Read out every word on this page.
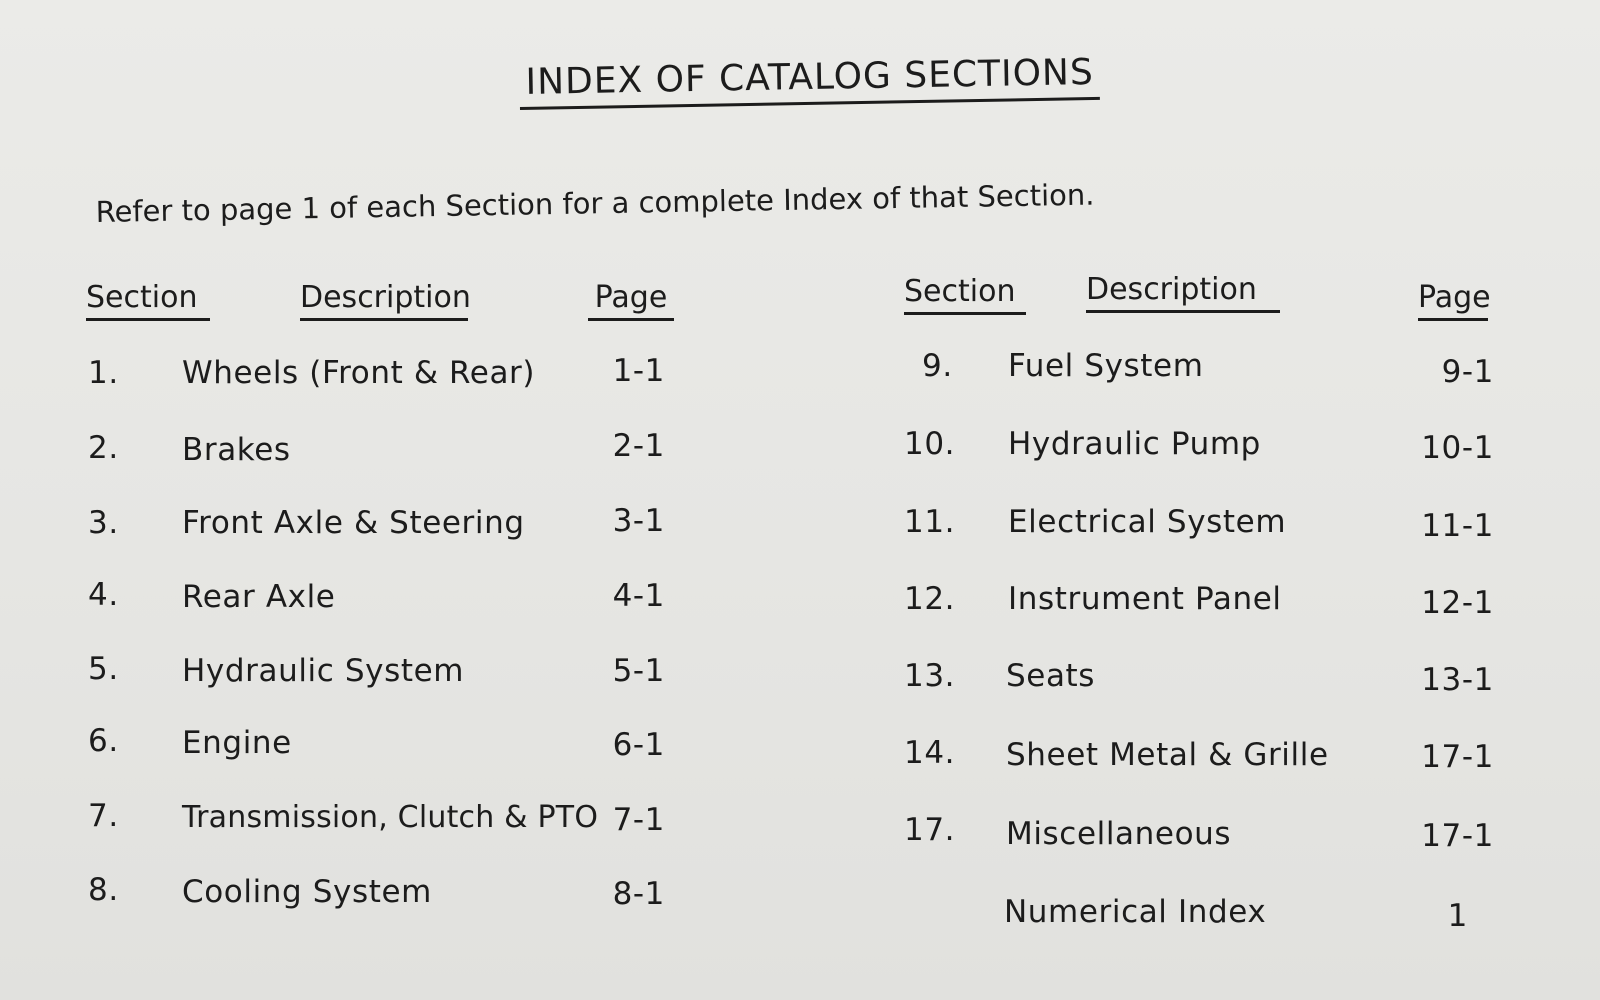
INDEX OF CATALOG SECTIONS
Refer to page 1 of each Section for a complete Index of that Section.
Section	Description	Page	Section	Description	Page
1.	Wheels (Front & Rear)	1-1
2.	Brakes	2-1
3.	Front Axle & Steering	3-1
4.	Rear Axle	4-1
5.	Hydraulic System	5-1
6.	Engine	6-1
7.	Transmission, Clutch & PTO 7-1
8.	Cooling System	8-1
9.	Fuel System	9-1
10.	Hydraulic Pump	10-1
11.	Electrical System	11-1
12.	Instrument Panel	12-1
13.	Seats	13-1
14.	Sheet Metal & Grille	17-1
17.	Miscellaneous	17-1
Numerical Index	1
